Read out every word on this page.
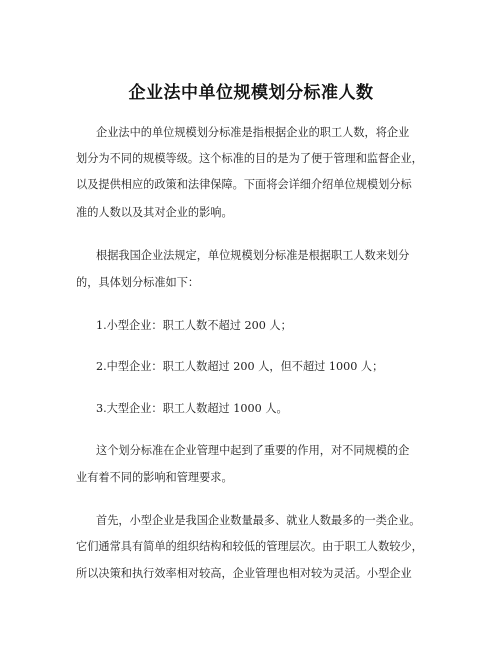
企业法中单位规模划分标准人数
企业法中的单位规模划分标准是指根据企业的职工人数，将企业
划分为不同的规模等级。这个标准的目的是为了便于管理和监督企业，
以及提供相应的政策和法律保障。下面将会详细介绍单位规模划分标
准的人数以及其对企业的影响。
根据我国企业法规定，单位规模划分标准是根据职工人数来划分
的，具体划分标准如下：
1.小型企业：职工人数不超过 200 人；
2.中型企业：职工人数超过 200 人，但不超过 1000 人；
3.大型企业：职工人数超过 1000 人。
这个划分标准在企业管理中起到了重要的作用，对不同规模的企
业有着不同的影响和管理要求。
首先，小型企业是我国企业数量最多、就业人数最多的一类企业。
它们通常具有简单的组织结构和较低的管理层次。由于职工人数较少，
所以决策和执行效率相对较高，企业管理也相对较为灵活。小型企业
